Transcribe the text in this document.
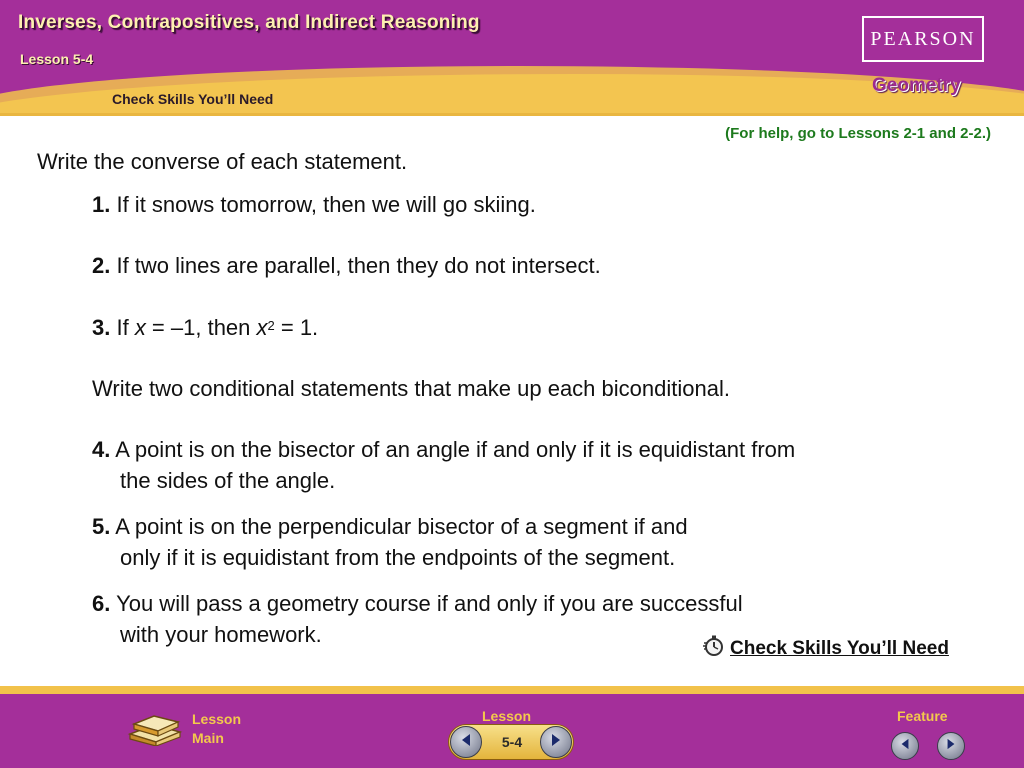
Inverses, Contrapositives, and Indirect Reasoning
Lesson 5-4
Check Skills You’ll Need
PEARSON
Geometry
(For help, go to Lessons 2-1 and 2-2.)
Write the converse of each statement.
1. If it snows tomorrow, then we will go skiing.
2. If two lines are parallel, then they do not intersect.
3. If x = –1, then $x^2 = 1$.
Write two conditional statements that make up each biconditional.
4. A point is on the bisector of an angle if and only if it is equidistant from
the sides of the angle.
5. A point is on the perpendicular bisector of a segment if and
only if it is equidistant from the endpoints of the segment.
6. You will pass a geometry course if and only if you are successful
with your homework.
Check Skills You’ll Need
Lesson
Main
Lesson
5-4
Feature
